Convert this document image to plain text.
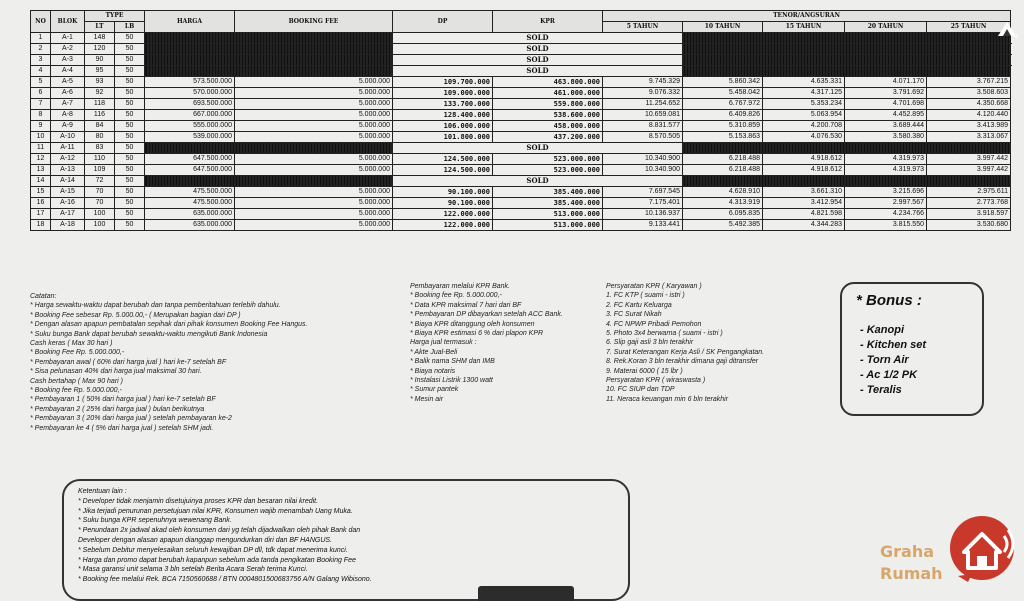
NO	BLOK	TYPE		HARGA	BOOKING FEE	DP	KPR	TENOR/ANGSURAN				
		LT	LB					5 TAHUN	10 TAHUN	15 TAHUN	20 TAHUN	25 TAHUN
1	A-1	148	50			SOLD						
2	A-2	120	50			SOLD						
3	A-3	90	50			SOLD						
4	A-4	95	50			SOLD						
5	A-5	93	50	573.500.000	5.000.000	109.700.000	463.800.000	9.745.329	5.860.342	4.635.331	4.071.170	3.767.215
6	A-6	92	50	570.000.000	5.000.000	109.000.000	461.000.000	9.076.332	5.458.042	4.317.125	3.791.692	3.508.603
7	A-7	118	50	693.500.000	5.000.000	133.700.000	559.800.000	11.254.652	6.767.972	5.353.234	4.701.698	4.350.668
8	A-8	116	50	667.000.000	5.000.000	128.400.000	538.600.000	10.659.081	6.409.826	5.063.954	4.452.895	4.120.440
9	A-9	84	50	555.000.000	5.000.000	106.000.000	458.000.000	8.831.577	5.310.859	4.200.708	3.689.444	3.413.989
10	A-10	80	50	539.000.000	5.000.000	101.800.000	437.200.000	8.570.505	5.153.863	4.076.530	3.580.380	3.313.067
11	A-11	83	50			SOLD						
12	A-12	110	50	647.500.000	5.000.000	124.500.000	523.000.000	10.340.900	6.218.488	4.918.612	4.319.973	3.997.442
13	A-13	109	50	647.500.000	5.000.000	124.500.000	523.000.000	10.340.900	6.218.488	4.918.612	4.319.973	3.997.442
14	A-14	72	50			SOLD						
15	A-15	70	50	475.500.000	5.000.000	90.100.000	385.400.000	7.697.545	4.628.910	3.661.310	3.215.696	2.975.611
16	A-16	70	50	475.500.000	5.000.000	90.100.000	385.400.000	7.175.401	4.313.919	3.412.954	2.997.567	2.773.768
17	A-17	100	50	635.000.000	5.000.000	122.000.000	513.000.000	10.136.937	6.095.835	4.821.598	4.234.766	3.918.597
18	A-18	100	50	635.000.000	5.000.000	122.000.000	513.000.000	9.133.441	5.492.385	4.344.283	3.815.550	3.530.680
Catatan:
* Harga sewaktu-waktu dapat berubah dan tanpa pemberitahuan terlebih dahulu.
* Booking Fee sebesar Rp. 5.000.00,- ( Merupakan bagian dari DP )
* Dengan alasan apapun pembatalan sepihak dari pihak konsumen Booking Fee Hangus.
* Suku bunga Bank dapat berubah sewaktu-waktu mengikuti Bank Indonesia
Cash keras ( Max 30 hari )
* Booking Fee Rp. 5.000.000,-
* Pembayaran awal ( 60% dari harga jual ) hari ke-7 setelah BF
* Sisa pelunasan 40% dari harga jual maksimal 30 hari.
Cash bertahap ( Max 90 hari )
* Booking fee Rp. 5.000.000,-
* Pembayaran 1 ( 50% dari harga jual ) hari ke-7 setelah BF
* Pembayaran 2 ( 25% dari harga jual ) bulan berikutnya
* Pembayaran 3 ( 20% dari harga jual ) setelah pembayaran ke-2
* Pembayaran ke 4 ( 5% dari harga jual ) setelah SHM jadi.
Pembayaran melalui KPR Bank.
* Booking fee Rp. 5.000.000,-
* Data KPR maksimal 7 hari dari BF
* Pembayaran DP dibayarkan setelah ACC Bank.
* Biaya KPR ditanggung oleh konsumen
* Biaya KPR estimasi 6 % dari plapon KPR
Harga jual termasuk :
* Akte Jual-Beli
* Balik nama SHM dan IMB
* Biaya notaris
* Instalasi Listrik 1300 watt
* Sumur pantek
* Mesin air
Persyaratan KPR ( Karyawan )
1. FC KTP ( suami - istri )
2. FC Kartu Keluarga
3. FC Surat Nikah
4. FC NPWP Pribadi Pemohon
5. Photo 3x4 berwarna ( suami - istri )
6. Slip gaji asli 3 bln terakhir
7. Surat Keterangan Kerja Asli / SK Pengangkatan.
8. Rek.Koran 3 bln terakhir dimana gaji ditransfer
9. Materai 6000 ( 15 lbr )
Persyaratan KPR ( wiraswasta )
10. FC SIUP dan TDP
11. Neraca keuangan min 6 bln terakhir
* Bonus :
- Kanopi
- Kitchen set
- Torn Air
- Ac 1/2 PK
- Teralis
Ketentuan lain :
* Developer tidak menjamin disetujuinya proses KPR dan besaran nilai kredit.
* Jika terjadi penurunan persetujuan nilai KPR, Konsumen wajib menambah Uang Muka.
* Suku bunga KPR sepenuhnya wewenang Bank.
* Penundaan 2x jadwal akad oleh konsumen dari yg telah dijadwalkan oleh pihak Bank dan
Developer dengan alasan apapun dianggap mengundurkan diri dan BF HANGUS.
* Sebelum Debitur menyelesaikan seluruh kewajiban DP dll, tdk dapat menerima kunci.
* Harga dan promo dapat berubah kapanpun sebelum ada tanda pengikatan Booking Fee
* Masa garansi unit selama 3 bln setelah Berita Acara Serah terima Kunci.
* Booking fee melalui Rek. BCA 7150560688 / BTN 0004801500683756 A/N Galang Wibisono.
Graha
Rumah
+
